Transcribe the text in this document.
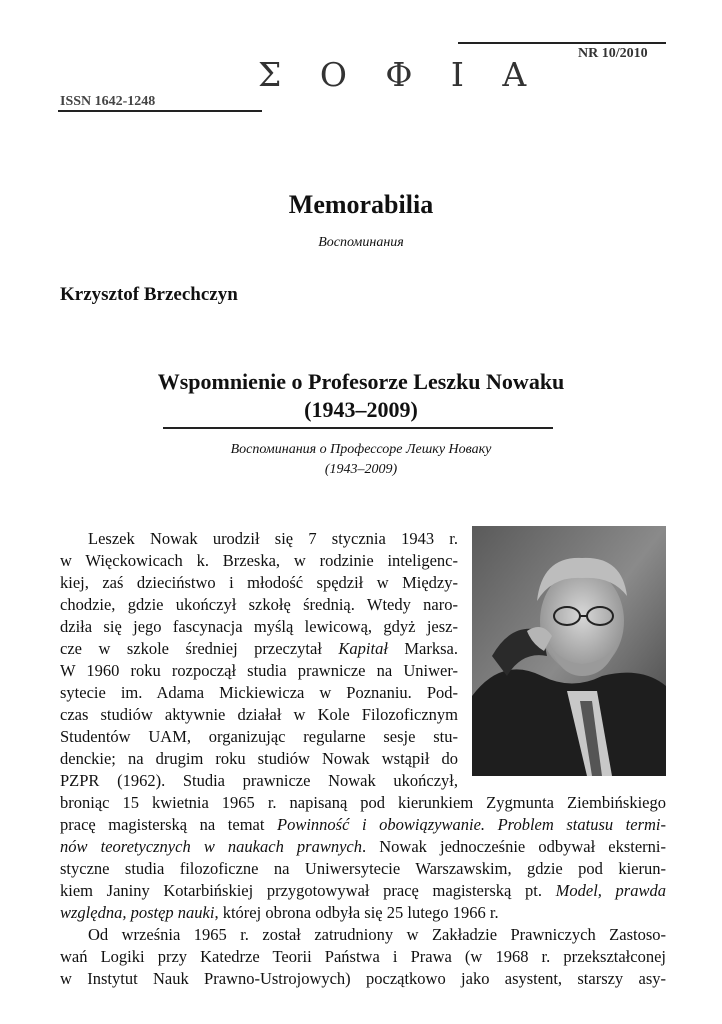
NR 10/2010
Σ Ο Φ Ι Α
ISSN 1642-1248
Memorabilia
Воспоминания
Krzysztof Brzechczyn
Wspomnienie o Profesorze Leszku Nowaku
(1943–2009)
Воспоминания о Профессоре Лешку Новаку
(1943–2009)
Leszek Nowak urodził się 7 stycznia 1943 r.
w Więckowicach k. Brzeska, w rodzinie inteligenc-
kiej, zaś dzieciństwo i młodość spędził w Między-
chodzie, gdzie ukończył szkołę średnią. Wtedy naro-
dziła się jego fascynacja myślą lewicową, gdyż jesz-
cze w szkole średniej przeczytał Kapitał Marksa.
W 1960 roku rozpoczął studia prawnicze na Uniwer-
sytecie im. Adama Mickiewicza w Poznaniu. Pod-
czas studiów aktywnie działał w Kole Filozoficznym
Studentów UAM, organizując regularne sesje stu-
denckie; na drugim roku studiów Nowak wstąpił do
PZPR (1962). Studia prawnicze Nowak ukończył,
broniąc 15 kwietnia 1965 r. napisaną pod kierunkiem Zygmunta Ziembińskiego
pracę magisterską na temat Powinność i obowiązywanie. Problem statusu termi-
nów teoretycznych w naukach prawnych. Nowak jednocześnie odbywał eksterni-
styczne studia filozoficzne na Uniwersytecie Warszawskim, gdzie pod kierun-
kiem Janiny Kotarbińskiej przygotowywał pracę magisterską pt. Model, prawda
względna, postęp nauki, której obrona odbyła się 25 lutego 1966 r.
Od września 1965 r. został zatrudniony w Zakładzie Prawniczych Zastoso-
wań Logiki przy Katedrze Teorii Państwa i Prawa (w 1968 r. przekształconej
w Instytut Nauk Prawno-Ustrojowych) początkowo jako asystent, starszy asy-
